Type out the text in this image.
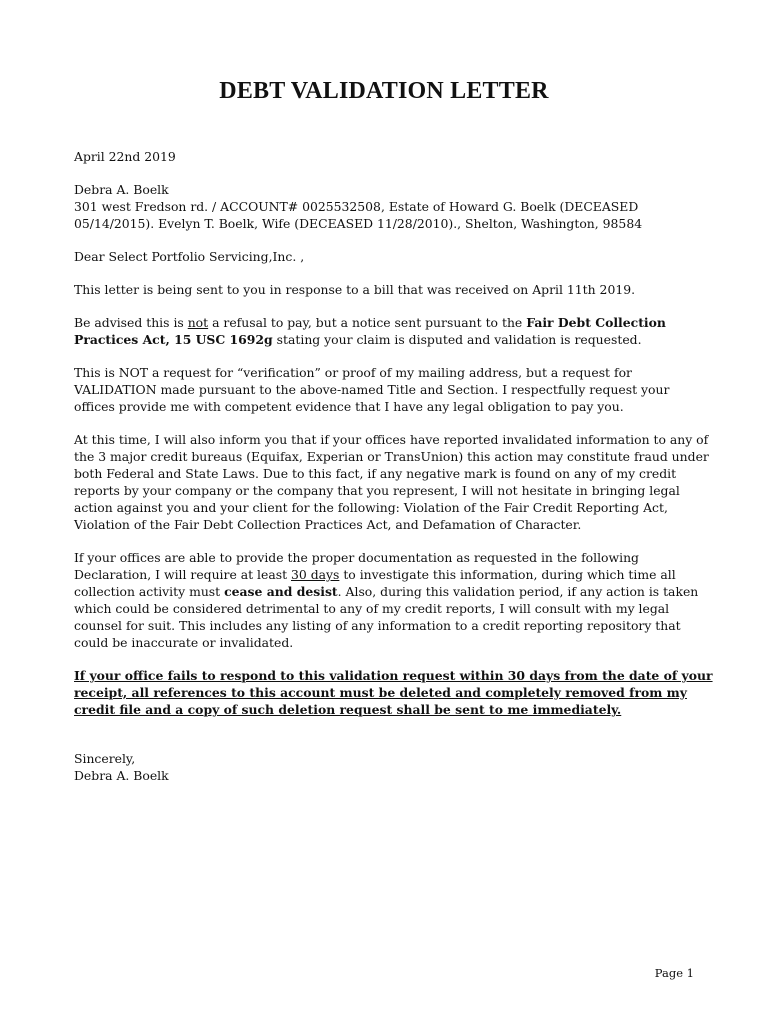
DEBT VALIDATION LETTER

April 22nd 2019

Debra A. Boelk
301 west Fredson rd. / ACCOUNT# 0025532508, Estate of Howard G. Boelk (DECEASED
05/14/2015). Evelyn T. Boelk, Wife (DECEASED 11/28/2010)., Shelton, Washington, 98584

Dear Select Portfolio Servicing,Inc. ,

This letter is being sent to you in response to a bill that was received on April 11th 2019.

Be advised this is not a refusal to pay, but a notice sent pursuant to the Fair Debt Collection Practices Act, 15 USC 1692g stating your claim is disputed and validation is requested.

This is NOT a request for “verification” or proof of my mailing address, but a request for VALIDATION made pursuant to the above-named Title and Section. I respectfully request your offices provide me with competent evidence that I have any legal obligation to pay you.

At this time, I will also inform you that if your offices have reported invalidated information to any of the 3 major credit bureaus (Equifax, Experian or TransUnion) this action may constitute fraud under both Federal and State Laws. Due to this fact, if any negative mark is found on any of my credit reports by your company or the company that you represent, I will not hesitate in bringing legal action against you and your client for the following: Violation of the Fair Credit Reporting Act, Violation of the Fair Debt Collection Practices Act, and Defamation of Character.

If your offices are able to provide the proper documentation as requested in the following Declaration, I will require at least 30 days to investigate this information, during which time all collection activity must cease and desist. Also, during this validation period, if any action is taken which could be considered detrimental to any of my credit reports, I will consult with my legal counsel for suit. This includes any listing of any information to a credit reporting repository that could be inaccurate or invalidated.

If your office fails to respond to this validation request within 30 days from the date of your receipt, all references to this account must be deleted and completely removed from my credit file and a copy of such deletion request shall be sent to me immediately.

Sincerely,
Debra A. Boelk

Page 1
